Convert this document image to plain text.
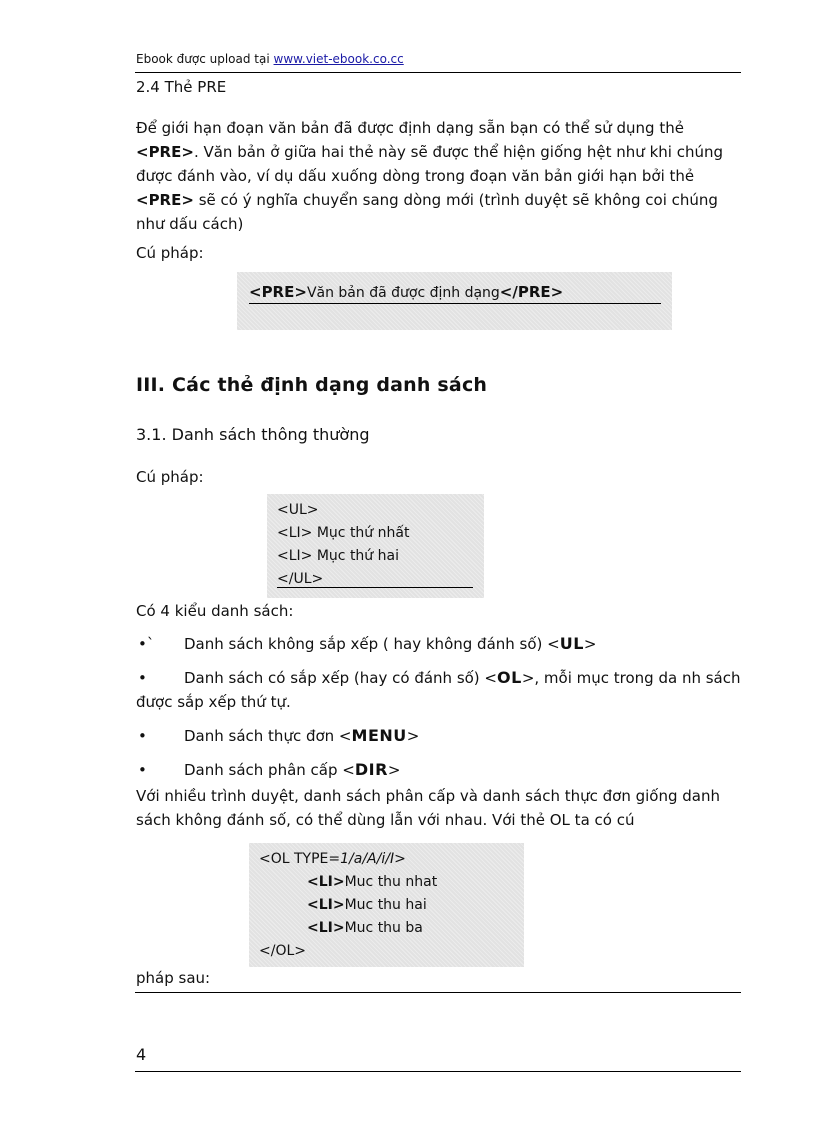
Ebook được upload tại www.viet-ebook.co.cc
2.4 Thẻ PRE
Để giới hạn đoạn văn bản đã được định dạng sẵn bạn có thể sử dụng thẻ <PRE>. Văn bản ở giữa hai thẻ này sẽ được thể hiện giống hệt như khi chúng được đánh vào, ví dụ dấu xuống dòng trong đoạn văn bản giới hạn bởi thẻ <PRE> sẽ có ý nghĩa chuyển sang dòng mới (trình duyệt sẽ không coi chúng như dấu cách)
Cú pháp:
<PRE>Văn bản đã được định dạng</PRE>
III. Các thẻ định dạng danh sách
3.1. Danh sách thông thường
Cú pháp:
<UL>
<LI> Mục thứ nhất
<LI> Mục thứ hai
</UL>
Có 4 kiểu danh sách:
•`	Danh sách không sắp xếp ( hay không đánh số) <UL>
•	Danh sách có sắp xếp (hay có đánh số) <OL>, mỗi mục trong da nh sách được sắp xếp thứ tự.
•	Danh sách thực đơn <MENU>
•	Danh sách phân cấp <DIR>
Với nhiều trình duyệt, danh sách phân cấp và danh sách thực đơn giống danh sách không đánh số, có thể dùng lẫn với nhau. Với thẻ OL ta có cú
<OL TYPE=1/a/A/i/I>
<LI>Muc thu nhat
<LI>Muc thu hai
<LI>Muc thu ba
</OL>
pháp sau:
4
